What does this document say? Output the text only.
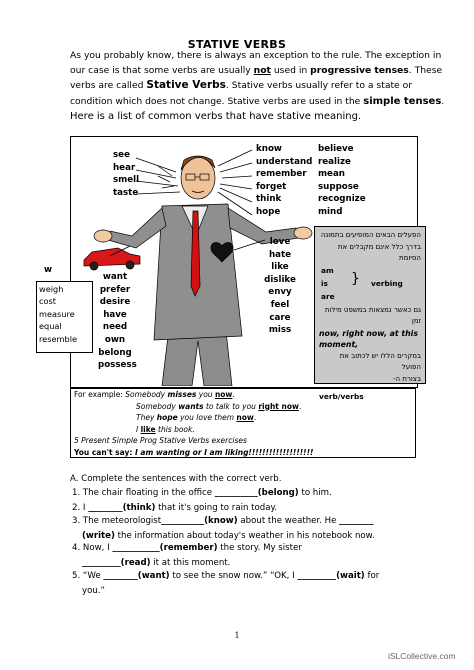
STATIVE VERBS
As you probably know, there is always an exception to the rule. The exception in
our case is that some verbs are usually not used in progressive tenses. These
verbs are called Stative Verbs. Stative verbs usually refer to a state or
condition which does not change. Stative verbs are used in the simple tenses.
Here is a list of common verbs that have stative meaning.
see
hear
smell
taste
know
understand
remember
forget
think
hope
believe
realize
mean
suppose
recognize
mind
w
want
prefer
desire
have
need
own
belong
possess
love
hate
like
dislike
envy
feel
care
miss
weigh
cost
measure
equal
resemble
הפעלים הבאים המופיעים בתמונה
בדרך כלל אינם מקבלים את הסיומת
am
is
are
} verbing
גם כאשר נמצאות במשפט מילות זמן
now, right now, at this moment,
במקרים הללו יש לכתוב את הפועל
בצורת ה-
verb/verbs
For example: Somebody misses you now.
Somebody wants to talk to you right now.
They hope you love them now.
I like this book.
5 Present Simple Prog Stative Verbs exercises
You can't say: I am wanting or I am liking!!!!!!!!!!!!!!!!!!!
A. Complete the sentences with the correct verb.
1. The chair floating in the office __________(belong) to him.
2. I ________(think) that it's going to rain today.
3. The meteorologist__________(know) about the weather. He ________
(write) the information about today's weather in his notebook now.
4. Now, I ___________(remember) the story. My sister
_________(read) it at this moment.
5. “We ________(want) to see the snow now.” “OK, I _________(wait) for
you.”
1
iSLCollective.com
